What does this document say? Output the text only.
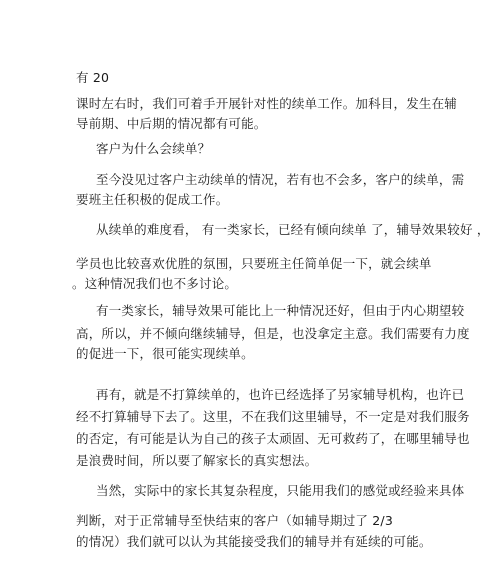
有 20
课时左右时，我们可着手开展针对性的续单工作。加科目，发生在辅
导前期、中后期的情况都有可能。
客户为什么会续单？
至今没见过客户主动续单的情况，若有也不会多，客户的续单，需
要班主任积极的促成工作。
从续单的难度看， 有一类家长，已经有倾向续单 了，辅导效果较好 ，
学员也比较喜欢优胜的氛围，只要班主任简单促一下，就会续单
。这种情况我们也不多讨论。
有一类家长，辅导效果可能比上一种情况还好，但由于内心期望较
高，所以，并不倾向继续辅导，但是，也没拿定主意。我们需要有力度
的促进一下，很可能实现续单。
再有，就是不打算续单的，也许已经选择了另家辅导机构，也许已
经不打算辅导下去了。这里，不在我们这里辅导，不一定是对我们服务
的否定，有可能是认为自己的孩子太顽固、无可救药了，在哪里辅导也
是浪费时间，所以要了解家长的真实想法。
当然，实际中的家长其复杂程度，只能用我们的感觉或经验来具体
判断，对于正常辅导至快结束的客户（如辅导期过了 2/3
的情况）我们就可以认为其能接受我们的辅导并有延续的可能。
